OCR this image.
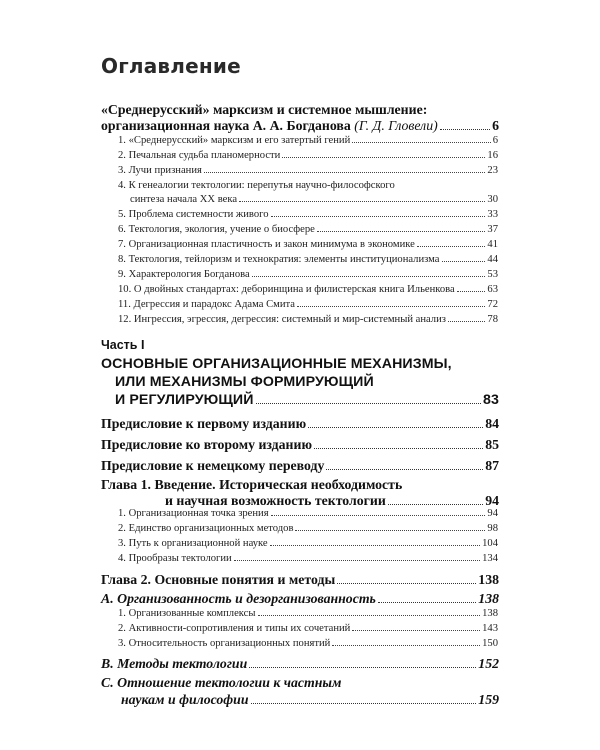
Оглавление
«Среднерусский» марксизм и системное мышление:
организационная наука А. А. Богданова (Г. Д. Гловели)	6
1. «Среднерусский» марксизм и его затертый гений	6
2. Печальная судьба планомерности	16
3. Лучи признания	23
4. К генеалогии тектологии: перепутья научно-философского
синтеза начала XX века	30
5. Проблема системности живого	33
6. Тектология, экология, учение о биосфере	37
7. Организационная пластичность и закон минимума в экономике	41
8. Тектология, тейлоризм и технократия: элементы институционализма	44
9. Характерология Богданова	53
10. О двойных стандартах: деборинщина и филистерская книга Ильенкова	63
11. Дегрессия и парадокс Адама Смита	72
12. Ингрессия, эгрессия, дегрессия: системный и мир-системный анализ	78
Часть I
ОСНОВНЫЕ ОРГАНИЗАЦИОННЫЕ МЕХАНИЗМЫ,
ИЛИ МЕХАНИЗМЫ ФОРМИРУЮЩИЙ
И РЕГУЛИРУЮЩИЙ	83
Предисловие к первому изданию	84
Предисловие ко второму изданию	85
Предисловие к немецкому переводу	87
Глава 1. Введение. Историческая необходимость
и научная возможность тектологии	94
1. Организационная точка зрения	94
2. Единство организационных методов	98
3. Путь к организационной науке	104
4. Прообразы тектологии	134
Глава 2. Основные понятия и методы	138
А. Организованность и дезорганизованность	138
1. Организованные комплексы	138
2. Активности-сопротивления и типы их сочетаний	143
3. Относительность организационных понятий	150
В. Методы тектологии	152
С. Отношение тектологии к частным
наукам и философии	159
